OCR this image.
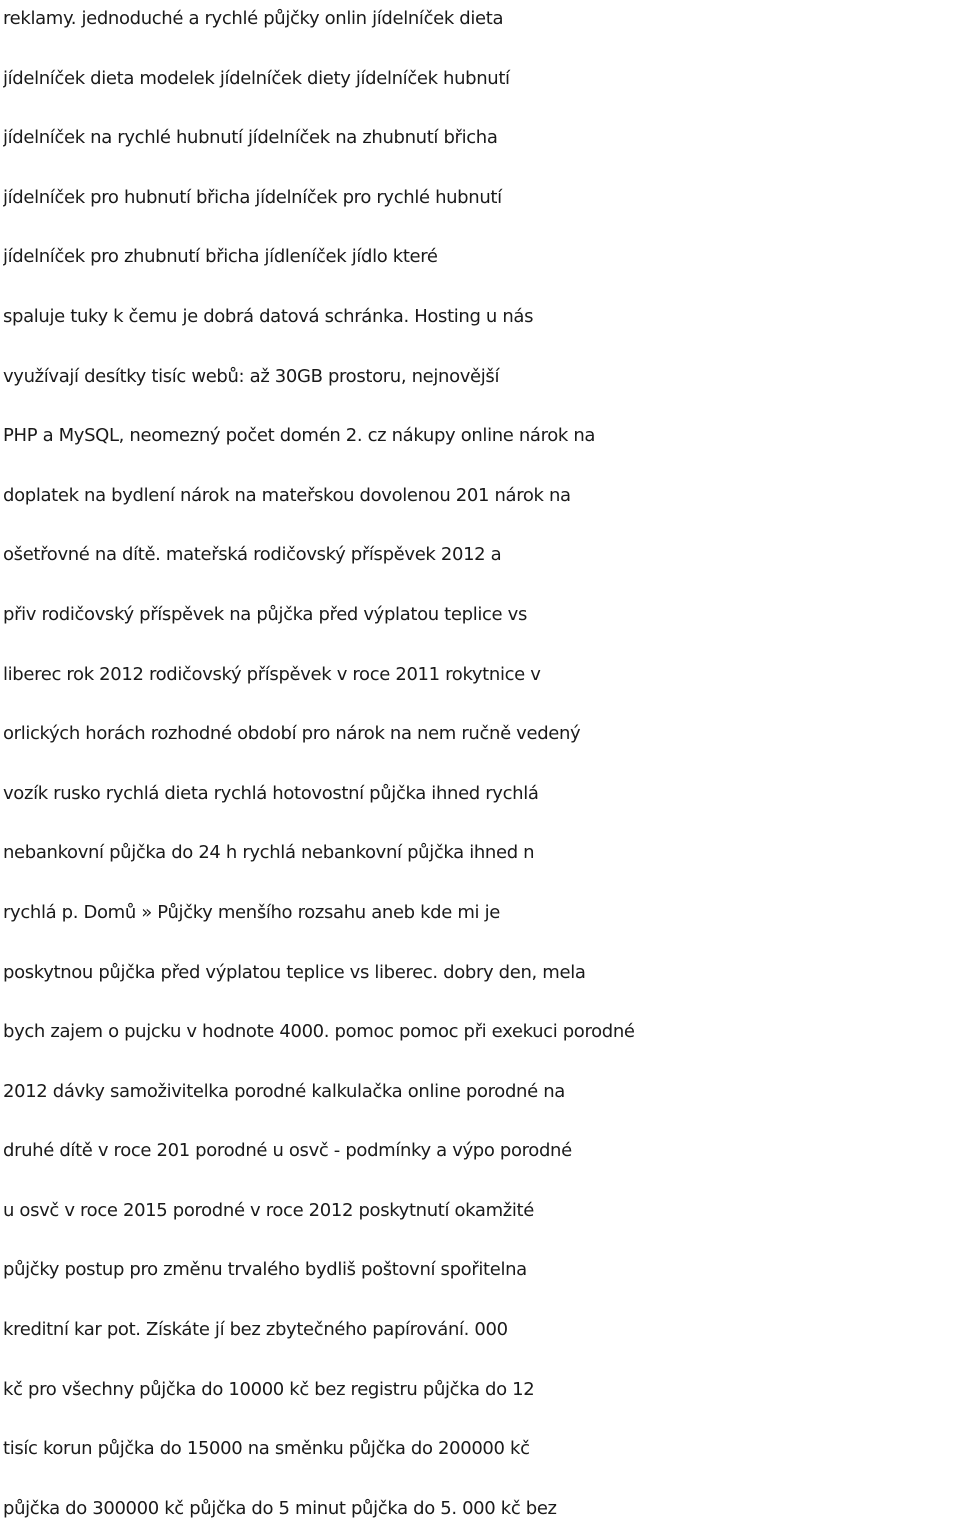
reklamy. jednoduché a rychlé půjčky onlin jídelníček dieta
jídelníček dieta modelek jídelníček diety jídelníček hubnutí
jídelníček na rychlé hubnutí jídelníček na zhubnutí břicha
jídelníček pro hubnutí břicha jídelníček pro rychlé hubnutí
jídelníček pro zhubnutí břicha jídleníček jídlo které
spaluje tuky k čemu je dobrá datová schránka. Hosting u nás
využívají desítky tisíc webů: až 30GB prostoru, nejnovější
PHP a MySQL, neomezný počet domén 2. cz nákupy online nárok na
doplatek na bydlení nárok na mateřskou dovolenou 201 nárok na
ošetřovné na dítě. mateřská rodičovský příspěvek 2012 a
přiv rodičovský příspěvek na půjčka před výplatou teplice vs
liberec rok 2012 rodičovský příspěvek v roce 2011 rokytnice v
orlických horách rozhodné období pro nárok na nem ručně vedený
vozík rusko rychlá dieta rychlá hotovostní půjčka ihned rychlá
nebankovní půjčka do 24 h rychlá nebankovní půjčka ihned n
rychlá p. Domů » Půjčky menšího rozsahu aneb kde mi je
poskytnou půjčka před výplatou teplice vs liberec. dobry den, mela
bych zajem o pujcku v hodnote 4000. pomoc pomoc při exekuci porodné
2012 dávky samoživitelka porodné kalkulačka online porodné na
druhé dítě v roce 201 porodné u osvč - podmínky a výpo porodné
u osvč v roce 2015 porodné v roce 2012 poskytnutí okamžité
půjčky postup pro změnu trvalého bydliš poštovní spořitelna
kreditní kar pot. Získáte jí bez zbytečného papírování. 000
kč pro všechny půjčka do 10000 kč bez registru půjčka do 12
tisíc korun půjčka do 15000 na směnku půjčka do 200000 kč
půjčka do 300000 kč půjčka do 5 minut půjčka do 5. 000 kč bez
